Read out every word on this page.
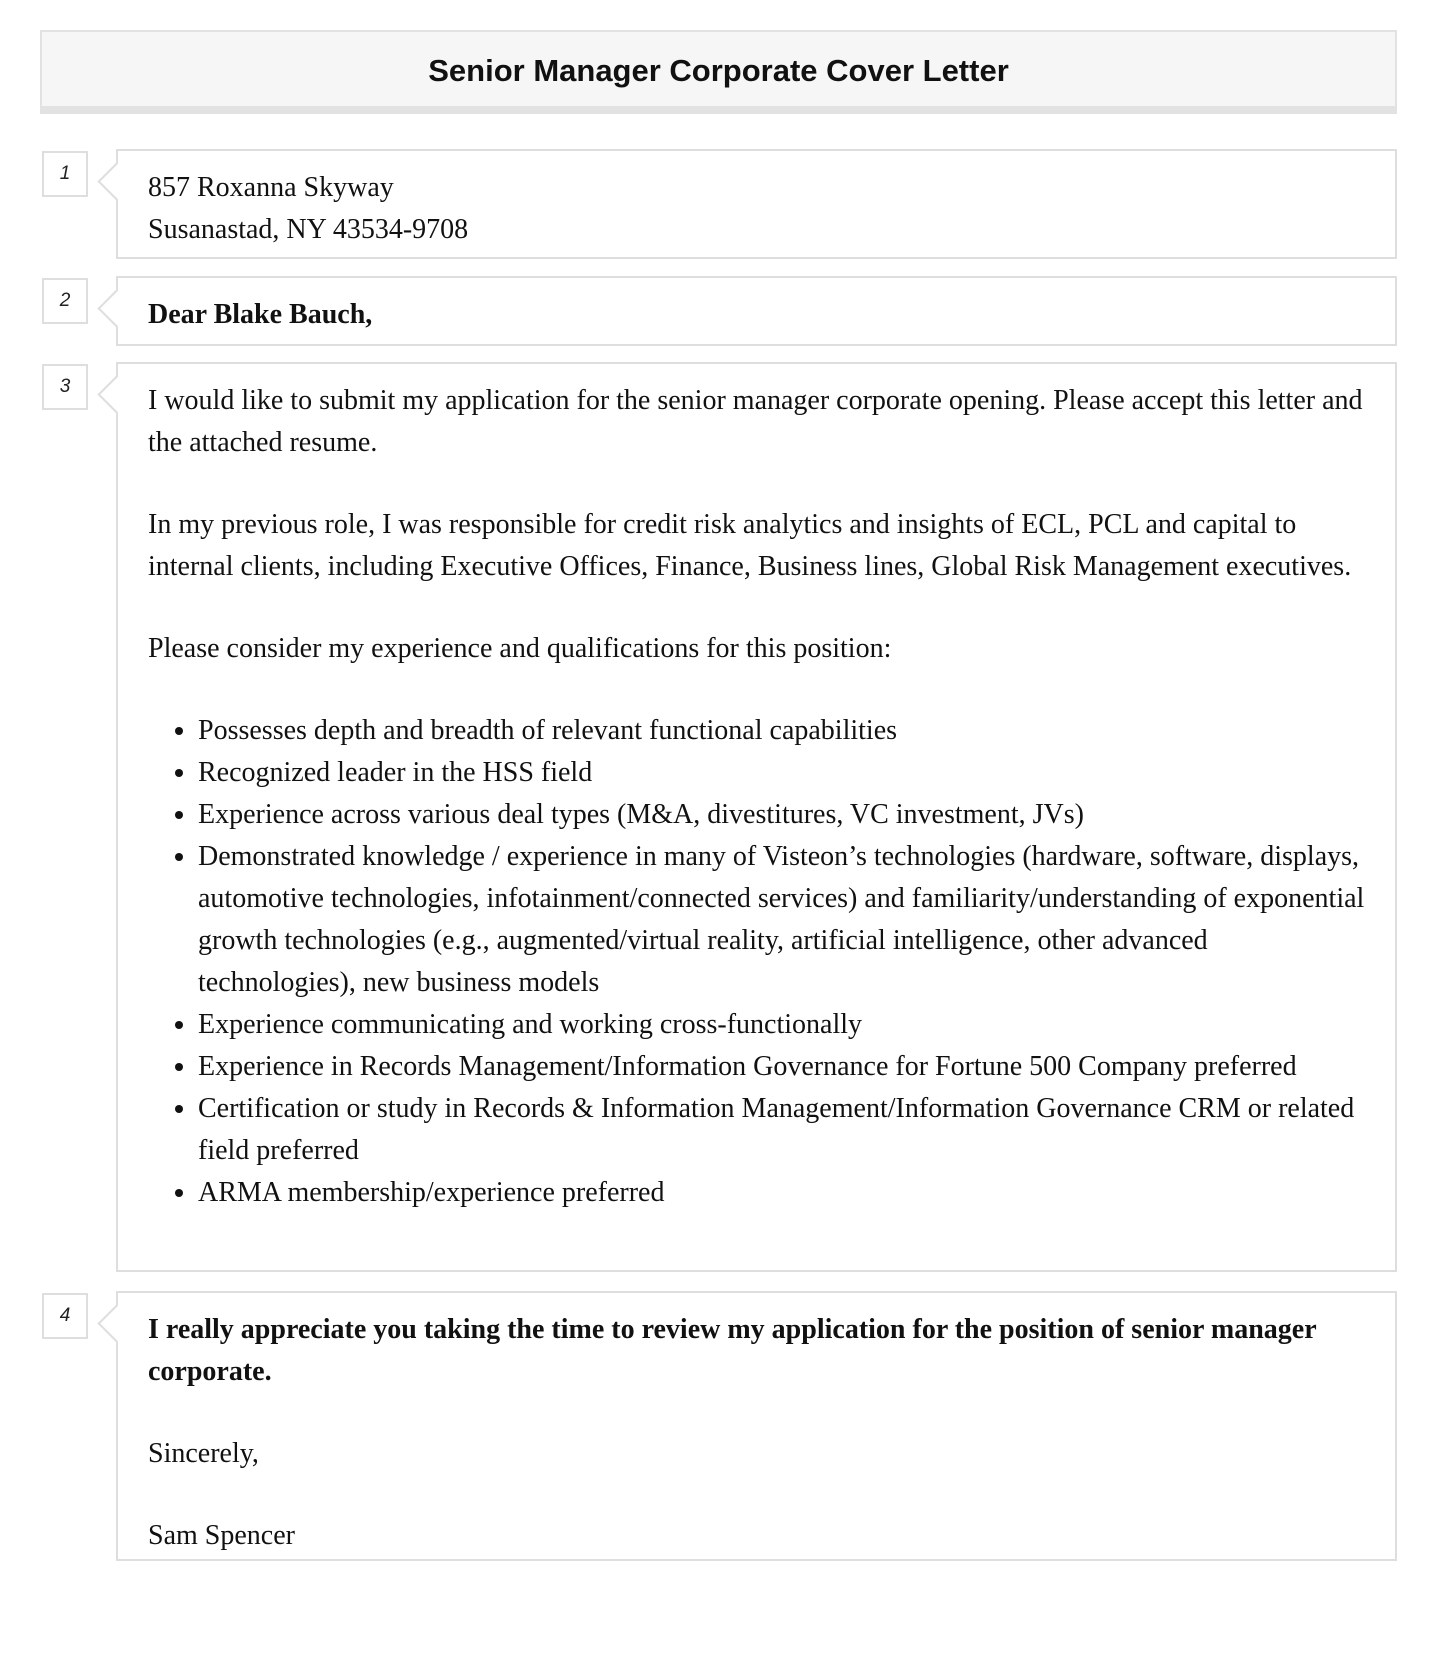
Senior Manager Corporate Cover Letter
1	857 Roxanna Skyway

Susanastad, NY 43534-9708

2	Dear Blake Bauch,

3	I would like to submit my application for the senior manager corporate opening. Please accept this letter and the attached resume.

In my previous role, I was responsible for credit risk analytics and insights of ECL, PCL and capital to internal clients, including Executive Offices, Finance, Business lines, Global Risk Management executives.

Please consider my experience and qualifications for this position:

• Possesses depth and breadth of relevant functional capabilities
• Recognized leader in the HSS field
• Experience across various deal types (M&A, divestitures, VC investment, JVs)
• Demonstrated knowledge / experience in many of Visteon’s technologies (hardware, software, displays, automotive technologies, infotainment/connected services) and familiarity/understanding of exponential growth technologies (e.g., augmented/virtual reality, artificial intelligence, other advanced technologies), new business models
• Experience communicating and working cross-functionally
• Experience in Records Management/Information Governance for Fortune 500 Company preferred
• Certification or study in Records & Information Management/Information Governance CRM or related field preferred
• ARMA membership/experience preferred
4	I really appreciate you taking the time to review my application for the position of senior manager corporate.

Sincerely,

Sam Spencer
